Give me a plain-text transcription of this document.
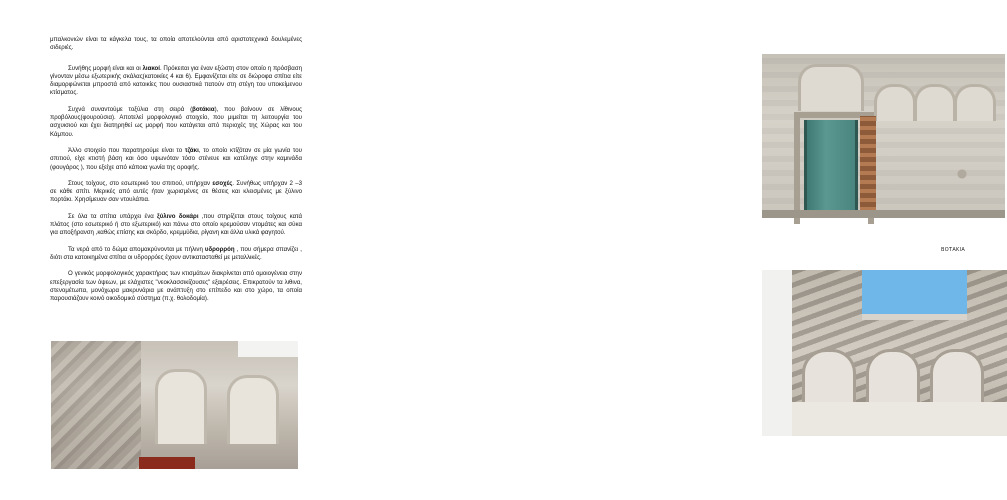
μπαλκονιών είναι τα κάγκελα τους, τα οποία αποτελούνται από αριστοτεχνικά δουλεμένες σιδεριές.

Συνήθης μορφή είναι και οι λιακοί. Πρόκειται για έναν εξώστη στον οποίο η πρόσβαση γίνονταν μέσω εξωτερικής σκάλας(κατοικίες 4 και 6). Εμφανίζεται είτε σε διώροφα σπίτια είτε διαμορφώνεται μπροστά από κατοικίες που ουσιαστικά πατούν στη στέγη του υποκείμενου κτίσματος.

Συχνά συναντούμε τοξύλια στη σειρά (βοτάκια), που βαίνουν σε λίθινους προβόλους(φουρούσια). Αποτελεί μορφολογικό στοιχείο, που μιμείται τη λειτουργία του ασχυισιού και έχει διατηρηθεί ως μορφή που κατάγεται από περιοχές της Χώρας και του Κάμπου.

Άλλο στοιχείο που παρατηρούμε είναι το τζάκι, το οποίο κτίζόταν σε μία γωνία του σπιτιού, είχε κτιστή βάση και όσο υψωνόταν τόσο στένευε και κατέληγε στην καμινάδα (φουγάρος ), που εξείχε από κάποια γωνία της οροφής.

Στους τοίχους, στο εσωτερικό του σπιτιού, υπήρχαν εσοχές. Συνήθως υπήρχαν 2 –3 σε κάθε σπίτι. Μερικές από αυτές ήταν χωρισμένες σε θέσεις και κλεισμένες με ξύλινο πορτάκι. Χρησίμευαν σαν ντουλάπια.

Σε όλα τα σπίτια υπάρχει ένα ξύλινο δοκάρι ,που στηρίζεται στους τοίχους κατά πλάτος (στο εσωτερικό ή στο εξωτερικό) και πάνω στο οποίο κρεμούσαν ντομάτες και σύκα για αποξήρανση ,καθώς επίσης και σκόρδο, κρεμμύδια, ρίγανη και άλλα υλικά φαγητού.

Τα νερά από το δώμα απομακρύνονται με πήλινη υδρορρόη , που σήμερα σπανίζει , διότι στα κατοικημένα σπίτια οι υδρορρόες έχουν αντικατασταθεί με μεταλλικές.

Ο γενικός μορφολογικός χαρακτήρας των κτισμάτων διακρίνεται από ομοιογένεια στην επεξεργασία των όψεων, με ελάχιστες "νεοκλασσικίζουσες" εξαιρέσεις. Επικρατούν τα λιθινα, στενομέτωπα, μονόχωρα μακρυνάρια με ανάπτυξη στο επίπεδο και στο χώρο, τα οποία παρουσιάζουν κοινό οικοδομικό σύστημα (π.χ. θολοδομία).

ΒΟΤΑΚΙΑ
